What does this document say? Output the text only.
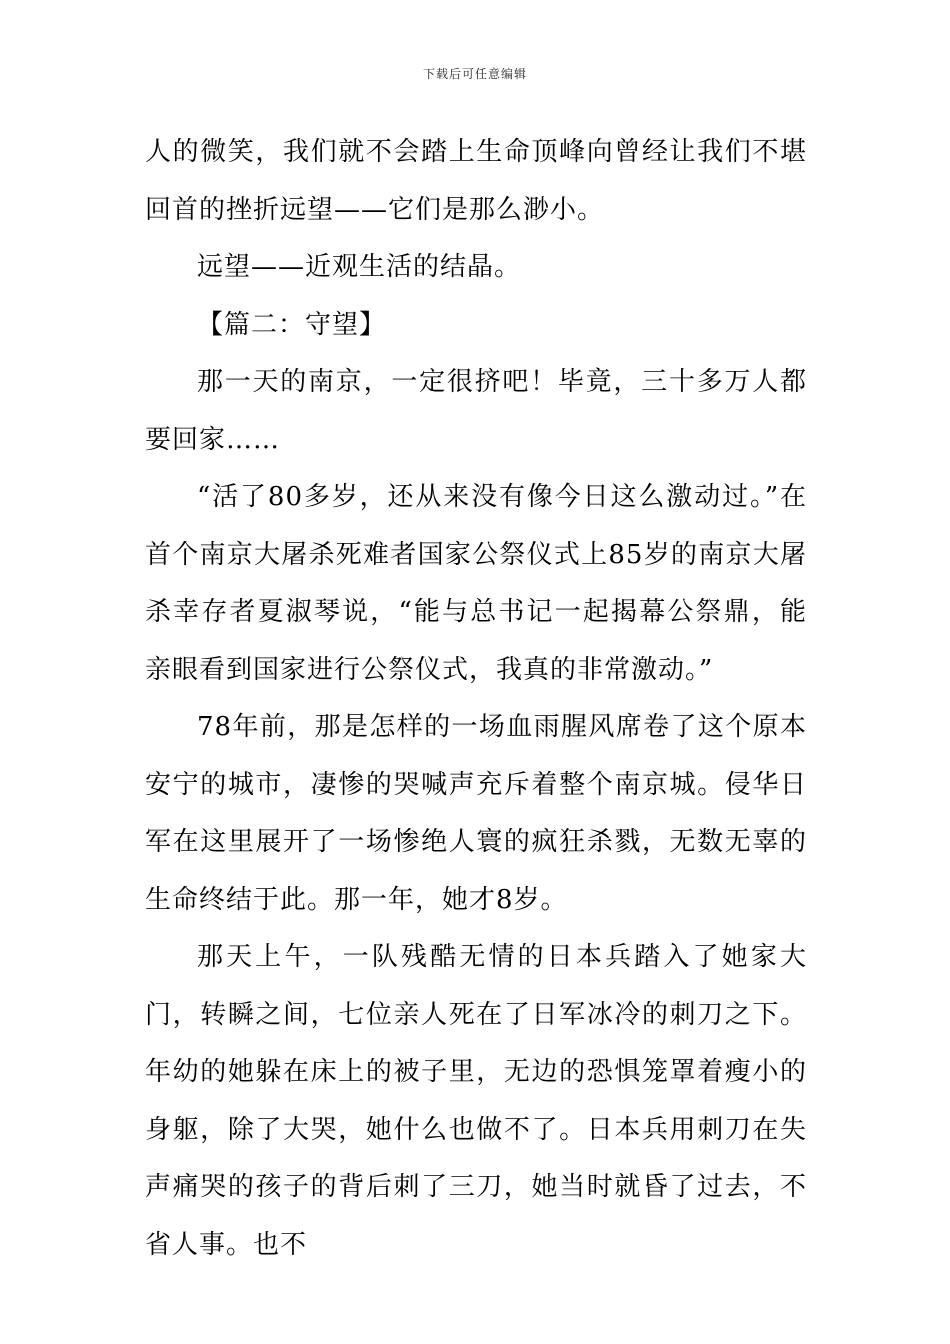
下载后可任意编辑

人的微笑，我们就不会踏上生命顶峰向曾经让我们不堪回首的挫折远望——它们是那么渺小。

远望——近观生活的结晶。

【篇二：守望】

那一天的南京，一定很挤吧！毕竟，三十多万人都要回家……

“活了80多岁，还从来没有像今日这么激动过。”在首个南京大屠杀死难者国家公祭仪式上85岁的南京大屠杀幸存者夏淑琴说，“能与总书记一起揭幕公祭鼎，能亲眼看到国家进行公祭仪式，我真的非常激动。”

78年前，那是怎样的一场血雨腥风席卷了这个原本安宁的城市，凄惨的哭喊声充斥着整个南京城。侵华日军在这里展开了一场惨绝人寰的疯狂杀戮，无数无辜的生命终结于此。那一年，她才8岁。

那天上午，一队残酷无情的日本兵踏入了她家大门，转瞬之间，七位亲人死在了日军冰冷的刺刀之下。年幼的她躲在床上的被子里，无边的恐惧笼罩着瘦小的身躯，除了大哭，她什么也做不了。日本兵用刺刀在失声痛哭的孩子的背后刺了三刀，她当时就昏了过去，不省人事。也不
